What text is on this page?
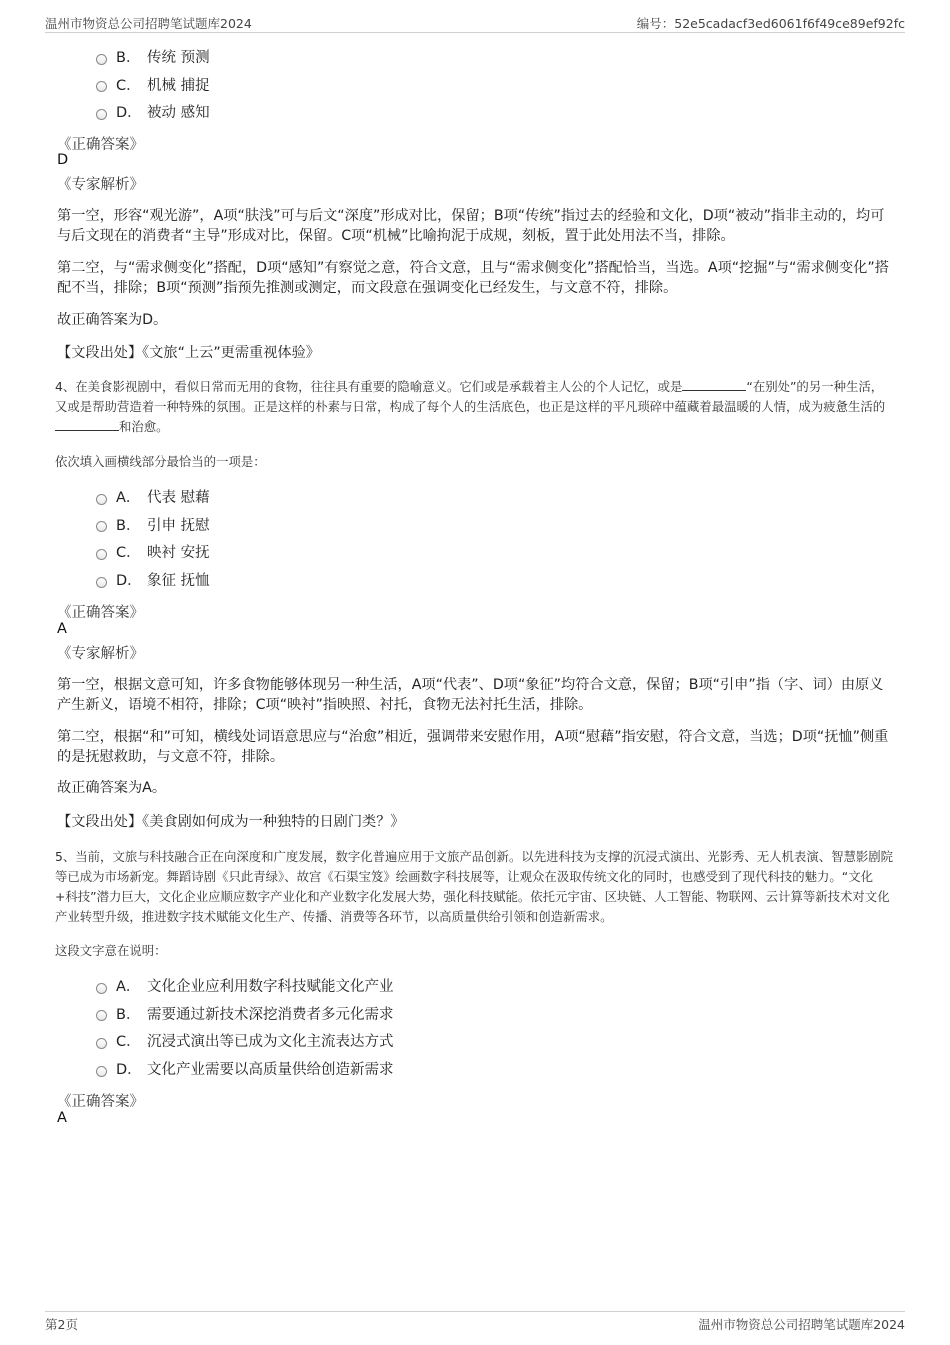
温州市物资总公司招聘笔试题库2024	编号：52e5cadacf3ed6061f6f49ce89ef92fc
B． 传统 预测
C． 机械 捕捉
D． 被动 感知
《正确答案》
D
《专家解析》

第一空，形容“观光游”，A项“肤浅”可与后文“深度”形成对比，保留；B项“传统”指过去的经验和文化，D项“被动”指非主动的，均可与后文现在的消费者“主导”形成对比，保留。C项“机械”比喻拘泥于成规，刻板，置于此处用法不当，排除。

第二空，与“需求侧变化”搭配，D项“感知”有察觉之意，符合文意，且与“需求侧变化”搭配恰当，当选。A项“挖掘”与“需求侧变化”搭配不当，排除；B项“预测”指预先推测或测定，而文段意在强调变化已经发生，与文意不符，排除。

故正确答案为D。

【文段出处】《文旅“上云”更需重视体验》

4、在美食影视剧中，看似日常而无用的食物，往往具有重要的隐喻意义。它们或是承载着主人公的个人记忆，或是	“在别处”的另一种生活，又或是帮助营造着一种特殊的氛围。正是这样的朴素与日常，构成了每个人的生活底色，也正是这样的平凡琐碎中蕴藏着最温暖的人情，成为疲惫生活的和治愈。

依次填入画横线部分最恰当的一项是：

A． 代表 慰藉
B． 引申 抚慰
C． 映衬 安抚
D． 象征 抚恤
《正确答案》
A
《专家解析》

第一空，根据文意可知，许多食物能够体现另一种生活，A项“代表”、D项“象征”均符合文意，保留；B项“引申”指（字、词）由原义产生新义，语境不相符，排除；C项“映衬”指映照、衬托，食物无法衬托生活，排除。

第二空，根据“和”可知，横线处词语意思应与“治愈”相近，强调带来安慰作用，A项“慰藉”指安慰，符合文意，当选；D项“抚恤”侧重的是抚慰救助，与文意不符，排除。

故正确答案为A。

【文段出处】《美食剧如何成为一种独特的日剧门类？》

5、当前，文旅与科技融合正在向深度和广度发展，数字化普遍应用于文旅产品创新。以先进科技为支撑的沉浸式演出、光影秀、无人机表演、智慧影剧院等已成为市场新宠。舞蹈诗剧《只此青绿》、故宫《石渠宝笈》绘画数字科技展等，让观众在汲取传统文化的同时，也感受到了现代科技的魅力。“文化+科技”潜力巨大，文化企业应顺应数字产业化和产业数字化发展大势，强化科技赋能。依托元宇宙、区块链、人工智能、物联网、云计算等新技术对文化产业转型升级，推进数字技术赋能文化生产、传播、消费等各环节，以高质量供给引领和创造新需求。

这段文字意在说明：

A． 文化企业应利用数字科技赋能文化产业
B． 需要通过新技术深挖消费者多元化需求
C． 沉浸式演出等已成为文化主流表达方式
D． 文化产业需要以高质量供给创造新需求
《正确答案》
A
第2页	温州市物资总公司招聘笔试题库2024
